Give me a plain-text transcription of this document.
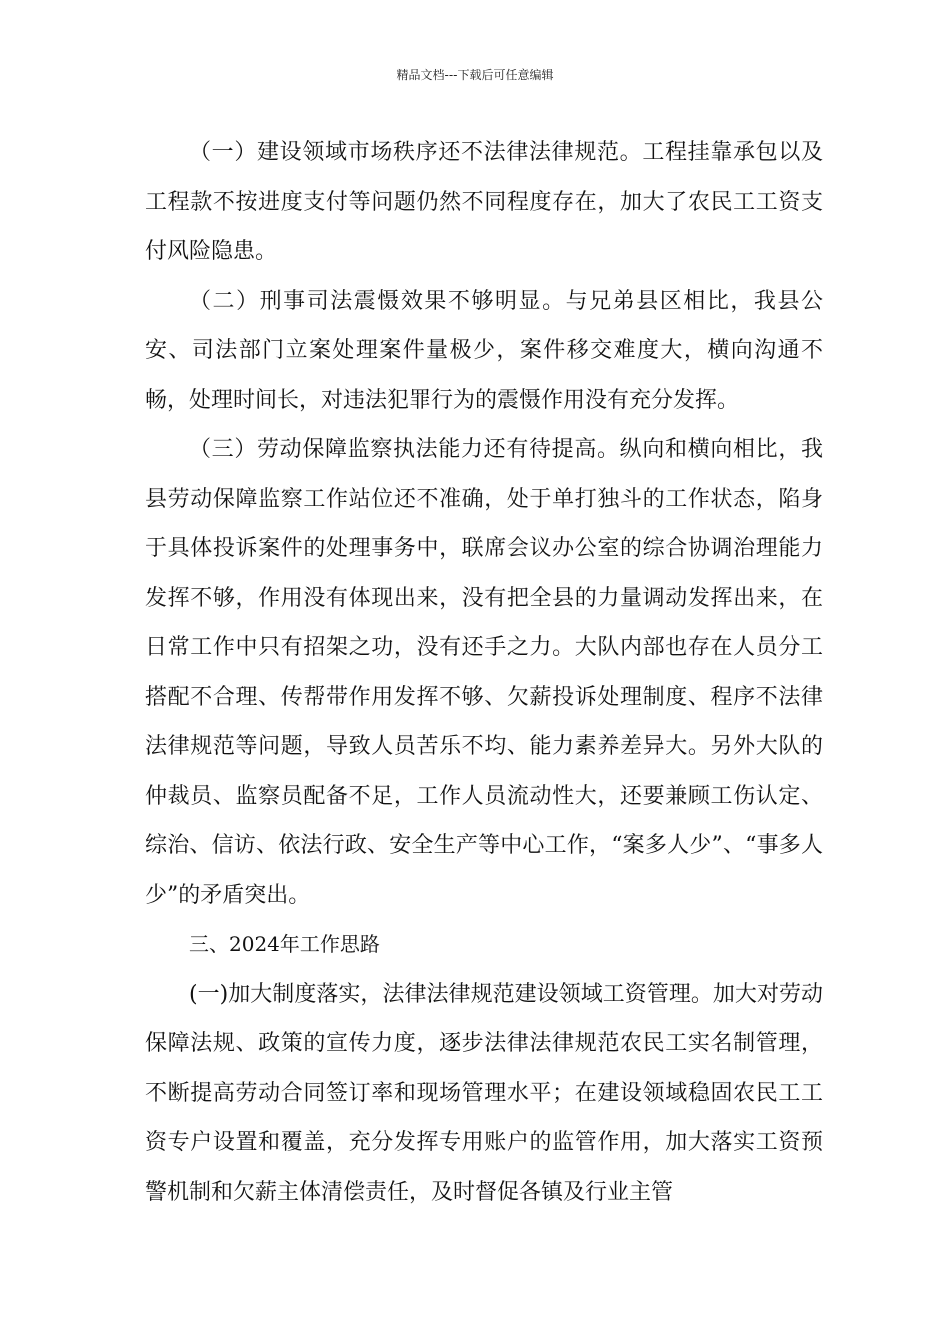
精品文档---下载后可任意编辑

（一）建设领域市场秩序还不法律法律规范。工程挂靠承包以及工程款不按进度支付等问题仍然不同程度存在，加大了农民工工资支付风险隐患。

（二）刑事司法震慑效果不够明显。与兄弟县区相比，我县公安、司法部门立案处理案件量极少，案件移交难度大，横向沟通不畅，处理时间长，对违法犯罪行为的震慑作用没有充分发挥。

（三）劳动保障监察执法能力还有待提高。纵向和横向相比，我县劳动保障监察工作站位还不准确，处于单打独斗的工作状态，陷身于具体投诉案件的处理事务中，联席会议办公室的综合协调治理能力发挥不够，作用没有体现出来，没有把全县的力量调动发挥出来，在日常工作中只有招架之功，没有还手之力。大队内部也存在人员分工搭配不合理、传帮带作用发挥不够、欠薪投诉处理制度、程序不法律法律规范等问题，导致人员苦乐不均、能力素养差异大。另外大队的仲裁员、监察员配备不足，工作人员流动性大，还要兼顾工伤认定、综治、信访、依法行政、安全生产等中心工作，“案多人少”、“事多人少”的矛盾突出。

三、2024年工作思路

(一)加大制度落实，法律法律规范建设领域工资管理。加大对劳动保障法规、政策的宣传力度，逐步法律法律规范农民工实名制管理，不断提高劳动合同签订率和现场管理水平；在建设领域稳固农民工工资专户设置和覆盖，充分发挥专用账户的监管作用，加大落实工资预警机制和欠薪主体清偿责任，及时督促各镇及行业主管
